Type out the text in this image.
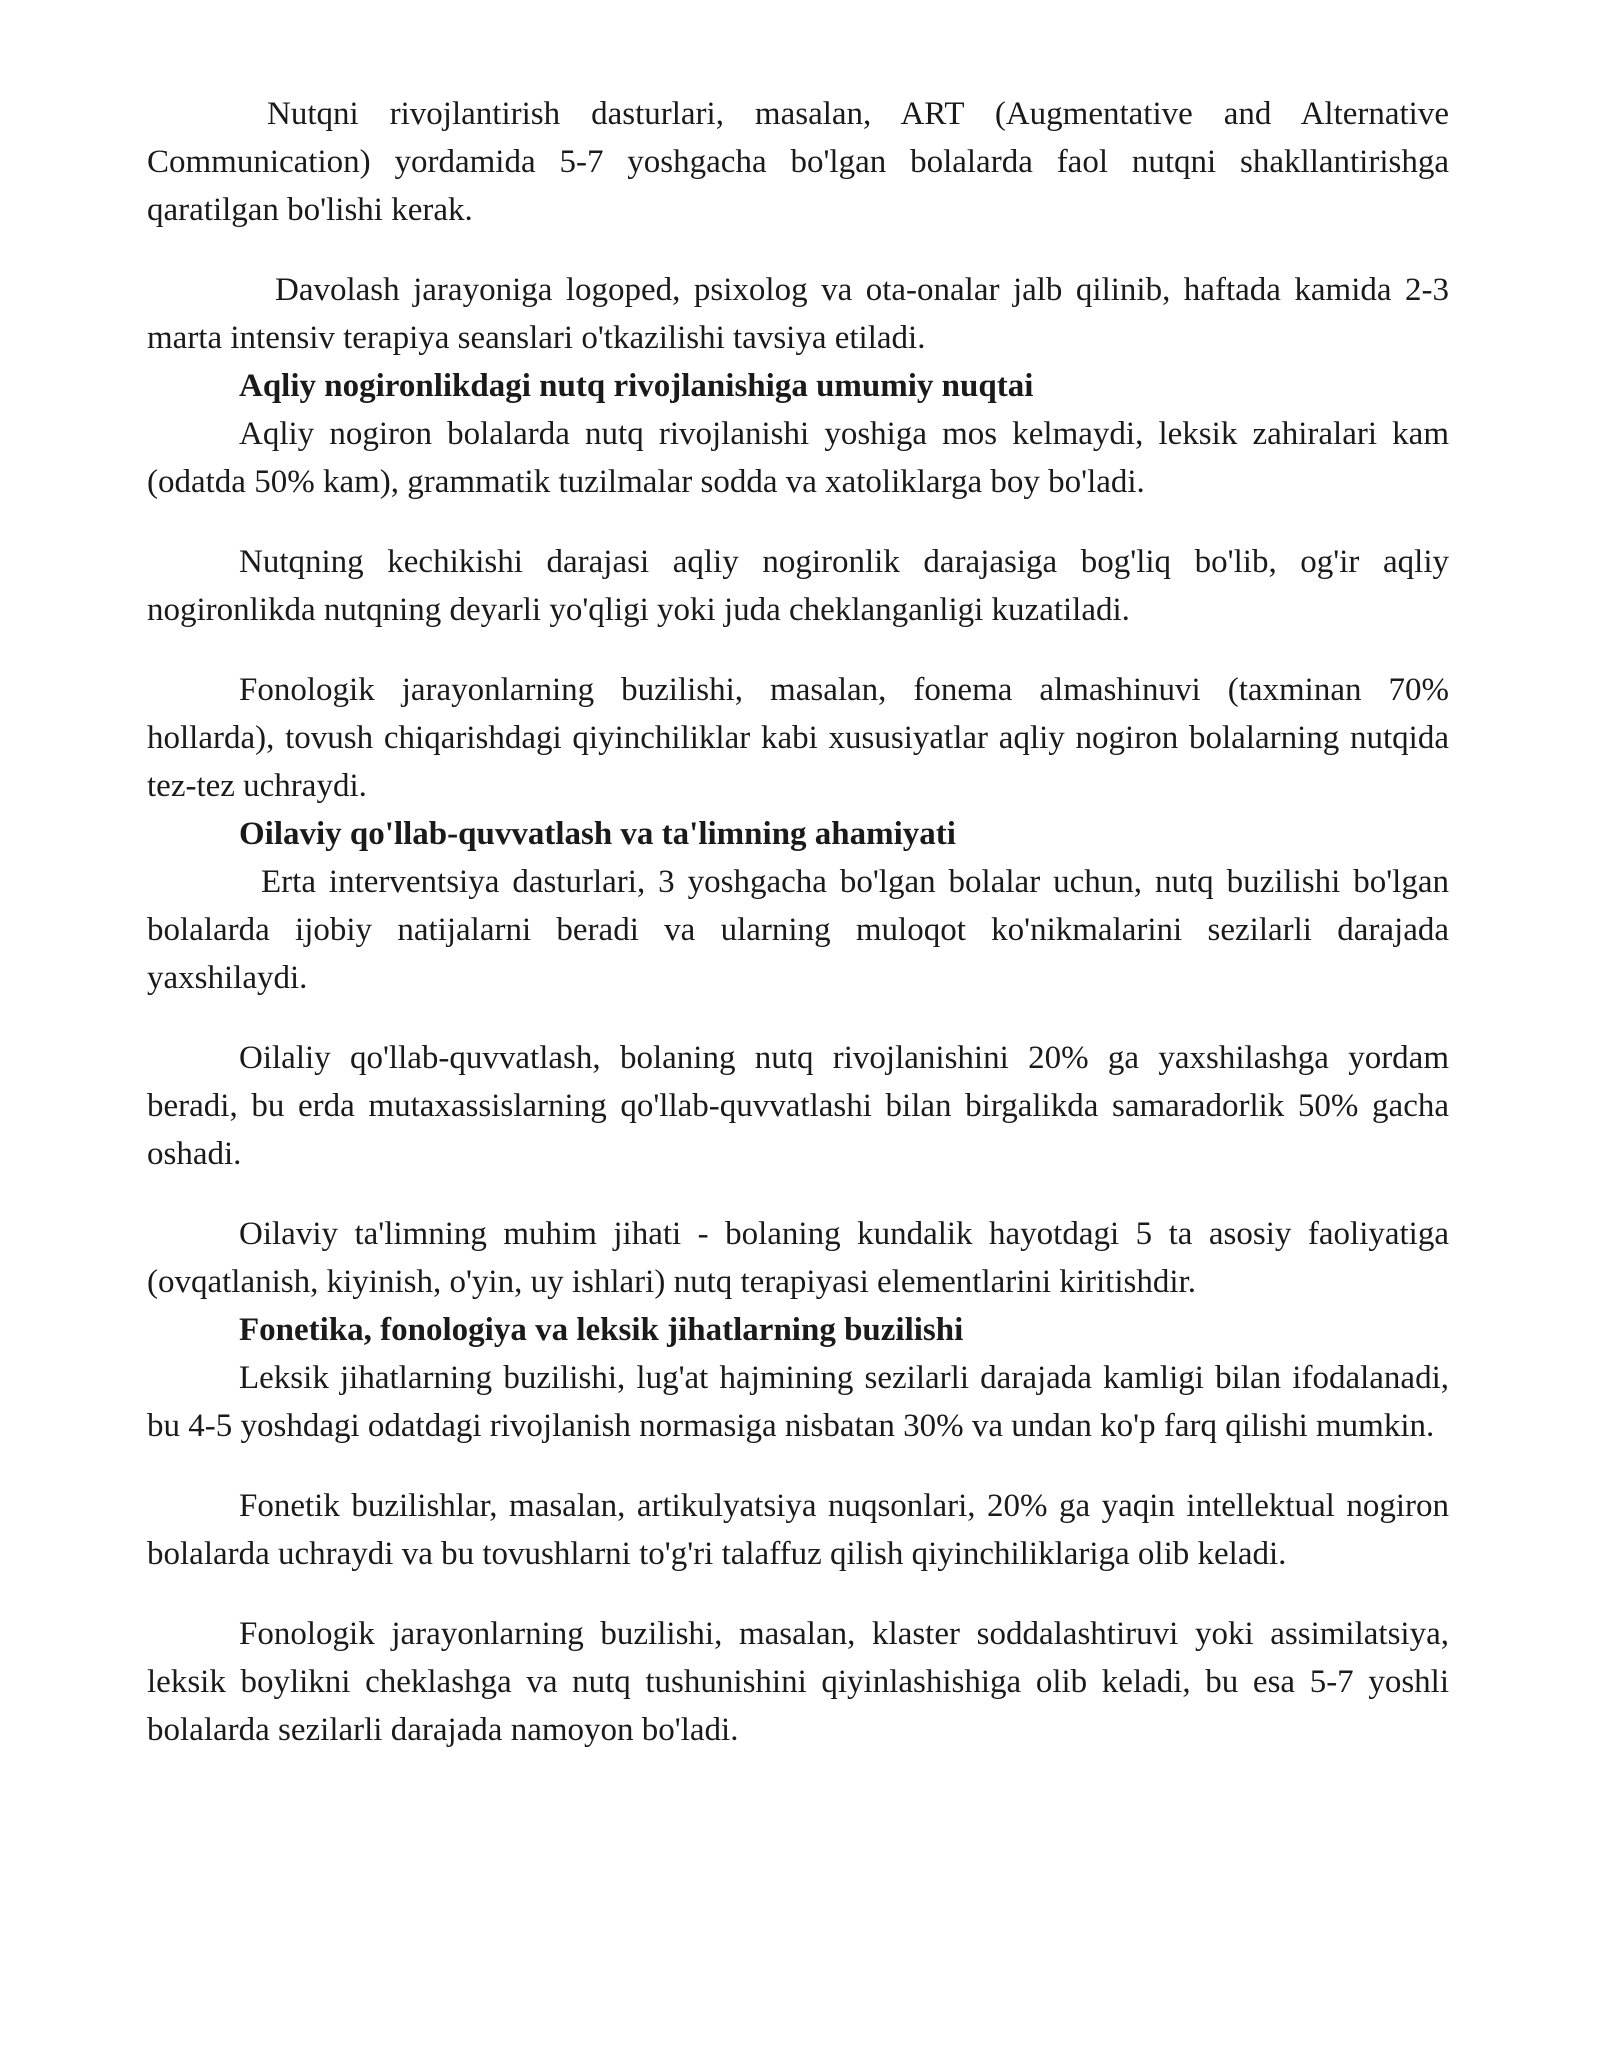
Nutqni rivojlantirish dasturlari, masalan, ART (Augmentative and Alternative Communication) yordamida 5-7 yoshgacha bo'lgan bolalarda faol nutqni shakllantirishga qaratilgan bo'lishi kerak.

Davolash jarayoniga logoped, psixolog va ota-onalar jalb qilinib, haftada kamida 2-3 marta intensiv terapiya seanslari o'tkazilishi tavsiya etiladi.

Aqliy nogironlikdagi nutq rivojlanishiga umumiy nuqtai

Aqliy nogiron bolalarda nutq rivojlanishi yoshiga mos kelmaydi, leksik zahiralari kam (odatda 50% kam), grammatik tuzilmalar sodda va xatoliklarga boy bo'ladi.

Nutqning kechikishi darajasi aqliy nogironlik darajasiga bog'liq bo'lib, og'ir aqliy nogironlikda nutqning deyarli yo'qligi yoki juda cheklanganligi kuzatiladi.

Fonologik jarayonlarning buzilishi, masalan, fonema almashinuvi (taxminan 70% hollarda), tovush chiqarishdagi qiyinchiliklar kabi xususiyatlar aqliy nogiron bolalarning nutqida tez-tez uchraydi.

Oilaviy qo'llab-quvvatlash va ta'limning ahamiyati

Erta interventsiya dasturlari, 3 yoshgacha bo'lgan bolalar uchun, nutq buzilishi bo'lgan bolalarda ijobiy natijalarni beradi va ularning muloqot ko'nikmalarini sezilarli darajada yaxshilaydi.

Oilaliy qo'llab-quvvatlash, bolaning nutq rivojlanishini 20% ga yaxshilashga yordam beradi, bu erda mutaxassislarning qo'llab-quvvatlashi bilan birgalikda samaradorlik 50% gacha oshadi.

Oilaviy ta'limning muhim jihati - bolaning kundalik hayotdagi 5 ta asosiy faoliyatiga (ovqatlanish, kiyinish, o'yin, uy ishlari) nutq terapiyasi elementlarini kiritishdir.

Fonetika, fonologiya va leksik jihatlarning buzilishi

Leksik jihatlarning buzilishi, lug'at hajmining sezilarli darajada kamligi bilan ifodalanadi, bu 4-5 yoshdagi odatdagi rivojlanish normasiga nisbatan 30% va undan ko'p farq qilishi mumkin.

Fonetik buzilishlar, masalan, artikulyatsiya nuqsonlari, 20% ga yaqin intellektual nogiron bolalarda uchraydi va bu tovushlarni to'g'ri talaffuz qilish qiyinchiliklariga olib keladi.

Fonologik jarayonlarning buzilishi, masalan, klaster soddalashtiruvi yoki assimilatsiya, leksik boylikni cheklashga va nutq tushunishini qiyinlashishiga olib keladi, bu esa 5-7 yoshli bolalarda sezilarli darajada namoyon bo'ladi.
